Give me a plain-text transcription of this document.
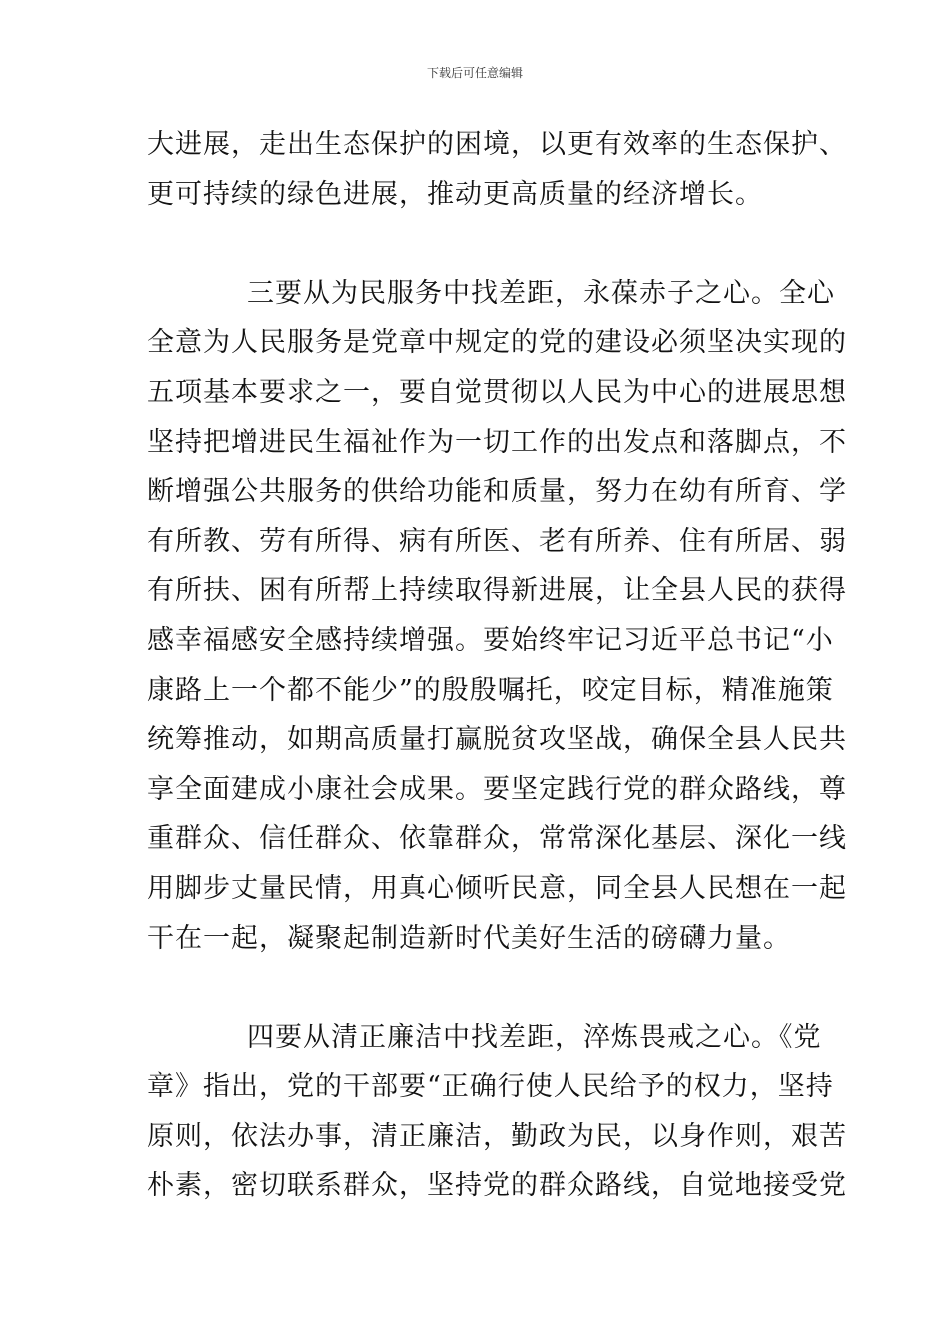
下载后可任意编辑
大进展，走出生态保护的困境，以更有效率的生态保护、
更可持续的绿色进展，推动更高质量的经济增长。
三要从为民服务中找差距，永葆赤子之心。全心
全意为人民服务是党章中规定的党的建设必须坚决实现的
五项基本要求之一，要自觉贯彻以人民为中心的进展思想
坚持把增进民生福祉作为一切工作的出发点和落脚点，不
断增强公共服务的供给功能和质量，努力在幼有所育、学
有所教、劳有所得、病有所医、老有所养、住有所居、弱
有所扶、困有所帮上持续取得新进展，让全县人民的获得
感幸福感安全感持续增强。要始终牢记习近平总书记“小
康路上一个都不能少”的殷殷嘱托，咬定目标，精准施策
统筹推动，如期高质量打赢脱贫攻坚战，确保全县人民共
享全面建成小康社会成果。要坚定践行党的群众路线，尊
重群众、信任群众、依靠群众，常常深化基层、深化一线
用脚步丈量民情，用真心倾听民意，同全县人民想在一起
干在一起，凝聚起制造新时代美好生活的磅礴力量。
四要从清正廉洁中找差距，淬炼畏戒之心。《党
章》指出，党的干部要“正确行使人民给予的权力，坚持
原则，依法办事，清正廉洁，勤政为民，以身作则，艰苦
朴素，密切联系群众，坚持党的群众路线，自觉地接受党
